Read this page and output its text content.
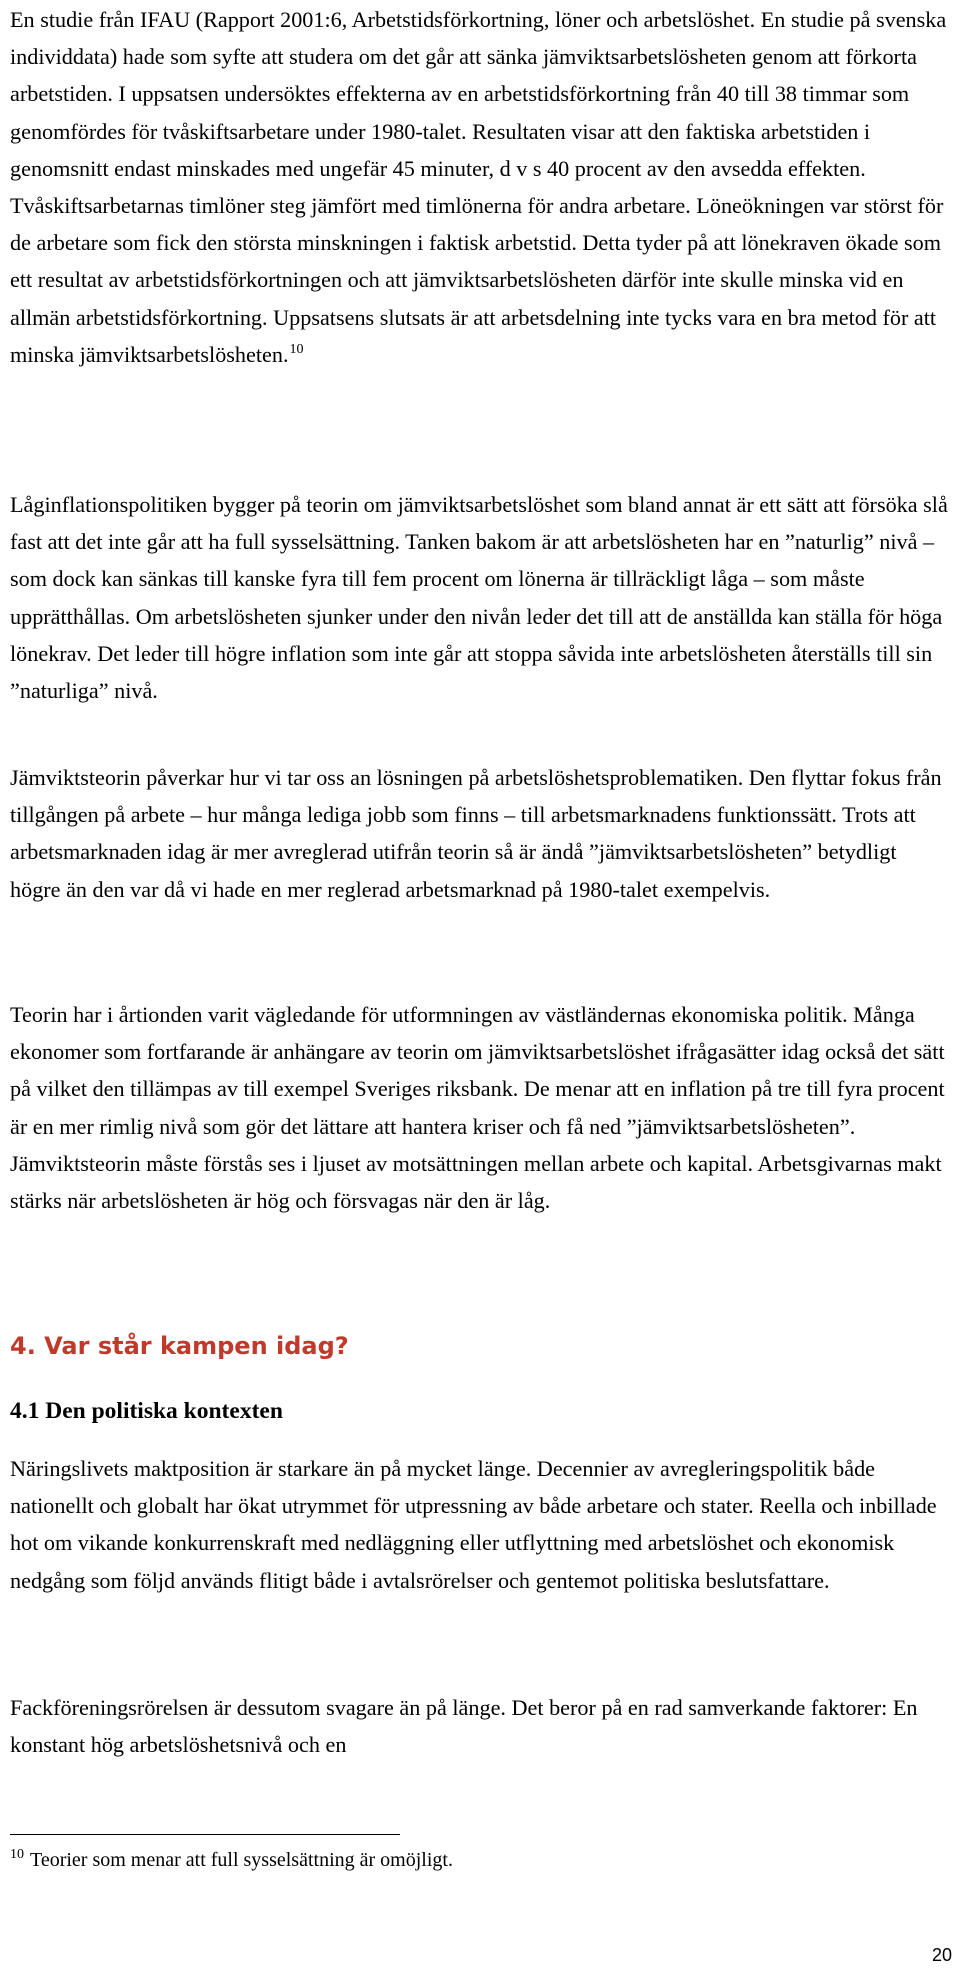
En studie från IFAU (Rapport 2001:6, Arbetstidsförkortning, löner och arbetslöshet. En studie på svenska individdata) hade som syfte att studera om det går att sänka jämviktsarbetslösheten genom att förkorta arbetstiden. I uppsatsen undersöktes effekterna av en arbetstidsförkortning från 40 till 38 timmar som genomfördes för tvåskiftsarbetare under 1980-talet. Resultaten visar att den faktiska arbetstiden i genomsnitt endast minskades med ungefär 45 minuter, d v s 40 procent av den avsedda effekten. Tvåskiftsarbetarnas timlöner steg jämfört med timlönerna för andra arbetare. Löneökningen var störst för de arbetare som fick den största minskningen i faktisk arbetstid. Detta tyder på att lönekraven ökade som ett resultat av arbetstidsförkortningen och att jämviktsarbetslösheten därför inte skulle minska vid en allmän arbetstidsförkortning. Uppsatsens slutsats är att arbetsdelning inte tycks vara en bra metod för att minska jämviktsarbetslösheten.$^{10}$

Låginflationspolitiken bygger på teorin om jämviktsarbetslöshet som bland annat är ett sätt att försöka slå fast att det inte går att ha full sysselsättning. Tanken bakom är att arbetslösheten har en ”naturlig” nivå – som dock kan sänkas till kanske fyra till fem procent om lönerna är tillräckligt låga – som måste upprätthållas. Om arbetslösheten sjunker under den nivån leder det till att de anställda kan ställa för höga lönekrav. Det leder till högre inflation som inte går att stoppa såvida inte arbetslösheten återställs till sin ”naturliga” nivå.

Jämviktsteorin påverkar hur vi tar oss an lösningen på arbetslöshetsproblematiken. Den flyttar fokus från tillgången på arbete – hur många lediga jobb som finns – till arbetsmarknadens funktionssätt. Trots att arbetsmarknaden idag är mer avreglerad utifrån teorin så är ändå ”jämviktsarbetslösheten” betydligt högre än den var då vi hade en mer reglerad arbetsmarknad på 1980-talet exempelvis.

Teorin har i årtionden varit vägledande för utformningen av västländernas ekonomiska politik. Många ekonomer som fortfarande är anhängare av teorin om jämviktsarbetslöshet ifrågasätter idag också det sätt på vilket den tillämpas av till exempel Sveriges riksbank. De menar att en inflation på tre till fyra procent är en mer rimlig nivå som gör det lättare att hantera kriser och få ned ”jämviktsarbetslösheten”. Jämviktsteorin måste förstås ses i ljuset av motsättningen mellan arbete och kapital. Arbetsgivarnas makt stärks när arbetslösheten är hög och försvagas när den är låg.

4. Var står kampen idag?
4.1 Den politiska kontexten

Näringslivets maktposition är starkare än på mycket länge. Decennier av avregleringspolitik både nationellt och globalt har ökat utrymmet för utpressning av både arbetare och stater. Reella och inbillade hot om vikande konkurrenskraft med nedläggning eller utflyttning med arbetslöshet och ekonomisk nedgång som följd används flitigt både i avtalsrörelser och gentemot politiska beslutsfattare.

Fackföreningsrörelsen är dessutom svagare än på länge. Det beror på en rad samverkande faktorer: En konstant hög arbetslöshetsnivå och en

$^{10}$ Teorier som menar att full sysselsättning är omöjligt.

20
